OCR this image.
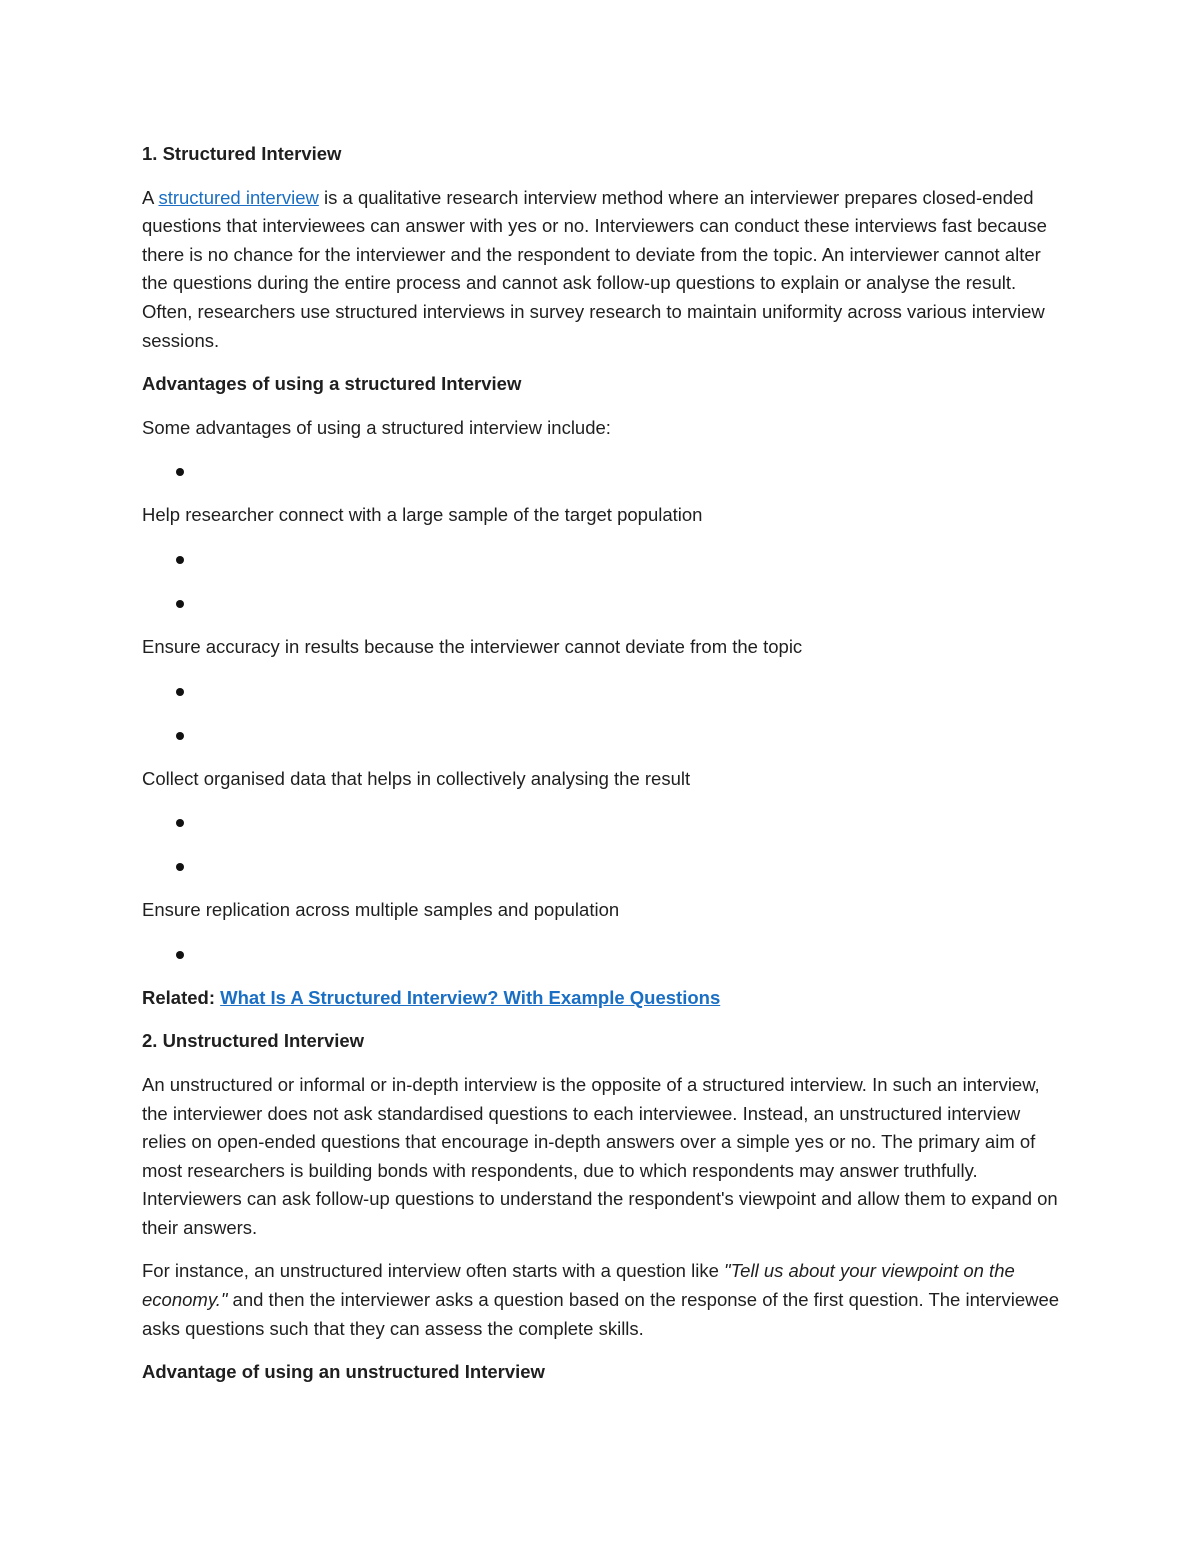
1. Structured Interview

A structured interview is a qualitative research interview method where an interviewer prepares closed-ended questions that interviewees can answer with yes or no. Interviewers can conduct these interviews fast because there is no chance for the interviewer and the respondent to deviate from the topic. An interviewer cannot alter the questions during the entire process and cannot ask follow-up questions to explain or analyse the result. Often, researchers use structured interviews in survey research to maintain uniformity across various interview sessions.

Advantages of using a structured Interview

Some advantages of using a structured interview include:

Help researcher connect with a large sample of the target population

Ensure accuracy in results because the interviewer cannot deviate from the topic

Collect organised data that helps in collectively analysing the result

Ensure replication across multiple samples and population

Related: What Is A Structured Interview? With Example Questions

2. Unstructured Interview

An unstructured or informal or in-depth interview is the opposite of a structured interview. In such an interview, the interviewer does not ask standardised questions to each interviewee. Instead, an unstructured interview relies on open-ended questions that encourage in-depth answers over a simple yes or no. The primary aim of most researchers is building bonds with respondents, due to which respondents may answer truthfully. Interviewers can ask follow-up questions to understand the respondent's viewpoint and allow them to expand on their answers.

For instance, an unstructured interview often starts with a question like "Tell us about your viewpoint on the economy." and then the interviewer asks a question based on the response of the first question. The interviewee asks questions such that they can assess the complete skills.

Advantage of using an unstructured Interview
